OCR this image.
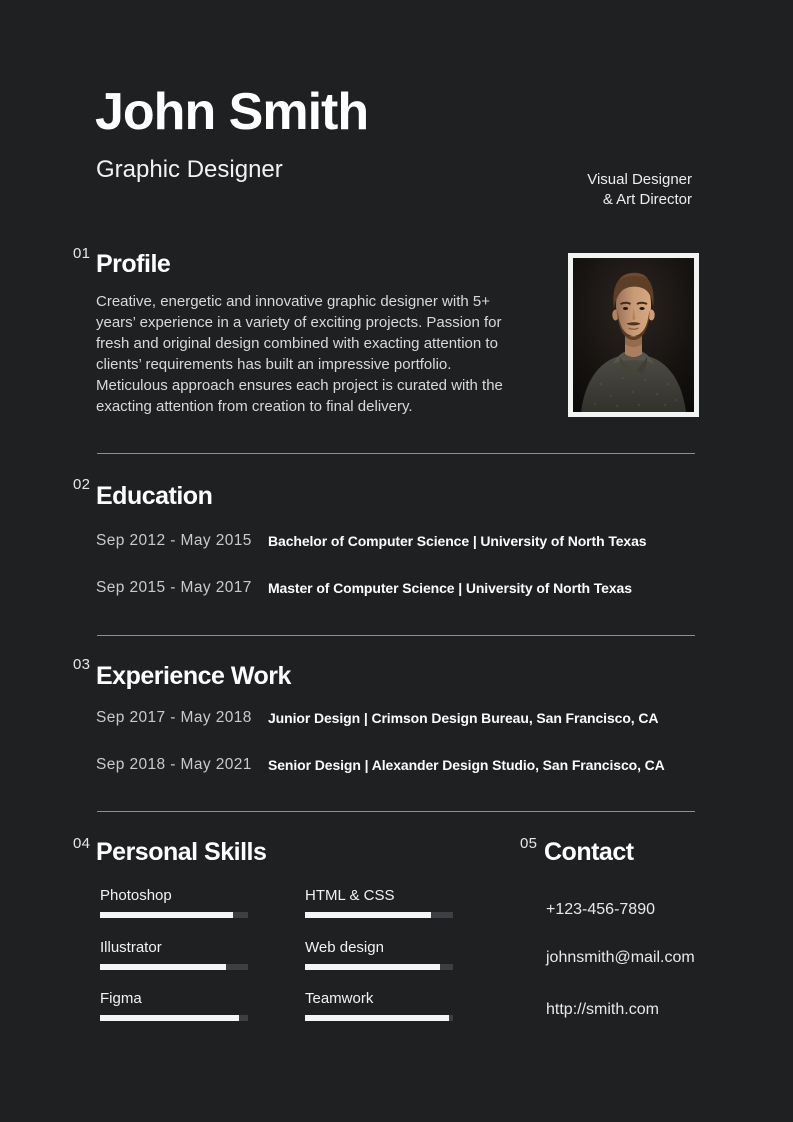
John Smith
Graphic Designer	Visual Designer
& Art Director
01 Profile
Creative, energetic and innovative graphic designer with 5+
years’ experience in a variety of exciting projects. Passion for
fresh and original design combined with exacting attention to
clients’ requirements has built an impressive portfolio.
Meticulous approach ensures each project is curated with the
exacting attention from creation to final delivery.
02 Education
Sep 2012 - May 2015	Bachelor of Computer Science | University of North Texas
Sep 2015 - May 2017	Master of Computer Science | University of North Texas
03 Experience Work
Sep 2017 - May 2018	Junior Design | Crimson Design Bureau, San Francisco, CA
Sep 2018 - May 2021	Senior Design | Alexander Design Studio, San Francisco, CA
04 Personal Skills
Photoshop
Illustrator
Figma
HTML & CSS
Web design
Teamwork
05 Contact
+123-456-7890
johnsmith@mail.com
http://smith.com
